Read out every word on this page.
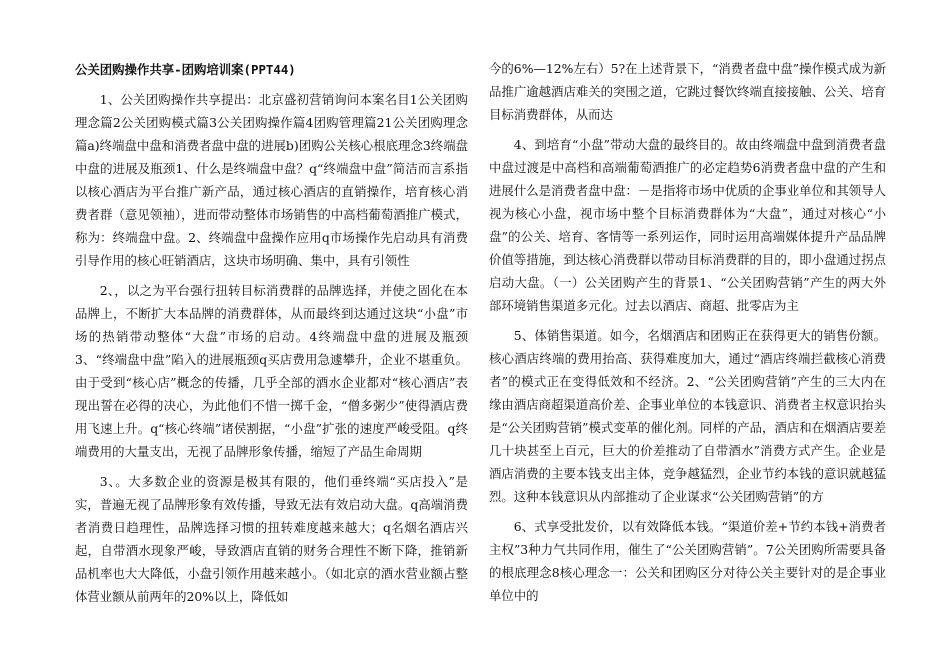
公关团购操作共享-团购培训案(PPT44)

1、公关团购操作共享提出：北京盛初营销询问本案名目1公关团购理念篇2公关团购模式篇3公关团购操作篇4团购管理篇21公关团购理念篇a)终端盘中盘和消费者盘中盘的进展b)团购公关核心根底理念3终端盘中盘的进展及瓶颈1、什么是终端盘中盘？q“终端盘中盘”简洁而言系指以核心酒店为平台推广新产品，通过核心酒店的直销操作，培育核心消费者群（意见领袖），进而带动整体市场销售的中高档葡萄酒推广模式，称为：终端盘中盘。2、终端盘中盘操作应用q市场操作先启动具有消费引导作用的核心旺销酒店，这块市场明确、集中，具有引领性

2、，以之为平台强行扭转目标消费群的品牌选择，并使之固化在本品牌上，不断扩大本品牌的消费群体，从而最终到达通过这块“小盘”市场的热销带动整体“大盘”市场的启动。4终端盘中盘的进展及瓶颈3、“终端盘中盘”陷入的进展瓶颈q买店费用急遽攀升，企业不堪重负。由于受到“核心店”概念的传播，几乎全部的酒水企业都对“核心酒店”表现出誓在必得的决心，为此他们不惜一掷千金，“僧多粥少”使得酒店费用飞速上升。q“核心终端”诸侯割据，“小盘”扩张的速度严峻受阻。q终端费用的大量支出，无视了品牌形象传播，缩短了产品生命周期

3、。大多数企业的资源是极其有限的，他们垂终端“买店投入”是实，普遍无视了品牌形象有效传播，导致无法有效启动大盘。q高端消费者消费日趋理性，品牌选择习惯的扭转难度越来越大；q名烟名酒店兴起，自带酒水现象严峻，导致酒店直销的财务合理性不断下降，推销新品机率也大大降低，小盘引领作用越来越小。（如北京的酒水营业额占整体营业额从前两年的20%以上，降低如

今的6%—12%左右）5?在上述背景下，“消费者盘中盘”操作模式成为新品推广逾越酒店难关的突围之道，它跳过餐饮终端直接接触、公关、培育目标消费群体，从而达

4、到培育“小盘”带动大盘的最终目的。故由终端盘中盘到消费者盘中盘过渡是中高档和高端葡萄酒推广的必定趋势6消费者盘中盘的产生和进展什么是消费者盘中盘：－是指将市场中优质的企事业单位和其领导人视为核心小盘，视市场中整个目标消费群体为“大盘”，通过对核心“小盘”的公关、培育、客情等一系列运作，同时运用高端媒体提升产品品牌价值等措施，到达核心消费群以带动目标消费群的目的，即小盘通过拐点启动大盘。（一）公关团购产生的背景1、“公关团购营销”产生的两大外部环境销售渠道多元化。过去以酒店、商超、批零店为主

5、体销售渠道。如今，名烟酒店和团购正在获得更大的销售份额。核心酒店终端的费用抬高、获得难度加大，通过“酒店终端拦截核心消费者”的模式正在变得低效和不经济。2、“公关团购营销”产生的三大内在缘由酒店商超渠道高价差、企事业单位的本钱意识、消费者主权意识抬头是“公关团购营销”模式变革的催化剂。同样的产品，酒店和在烟酒店要差几十块甚至上百元，巨大的价差推动了自带酒水”消费方式产生。企业是酒店消费的主要本钱支出主体，竞争越猛烈，企业节约本钱的意识就越猛烈。这种本钱意识从内部推动了企业谋求“公关团购营销”的方

6、式享受批发价，以有效降低本钱。“渠道价差+节约本钱+消费者主权”3种力气共同作用，催生了“公关团购营销”。7公关团购所需要具备的根底理念8核心理念一：公关和团购区分对待公关主要针对的是企事业单位中的
